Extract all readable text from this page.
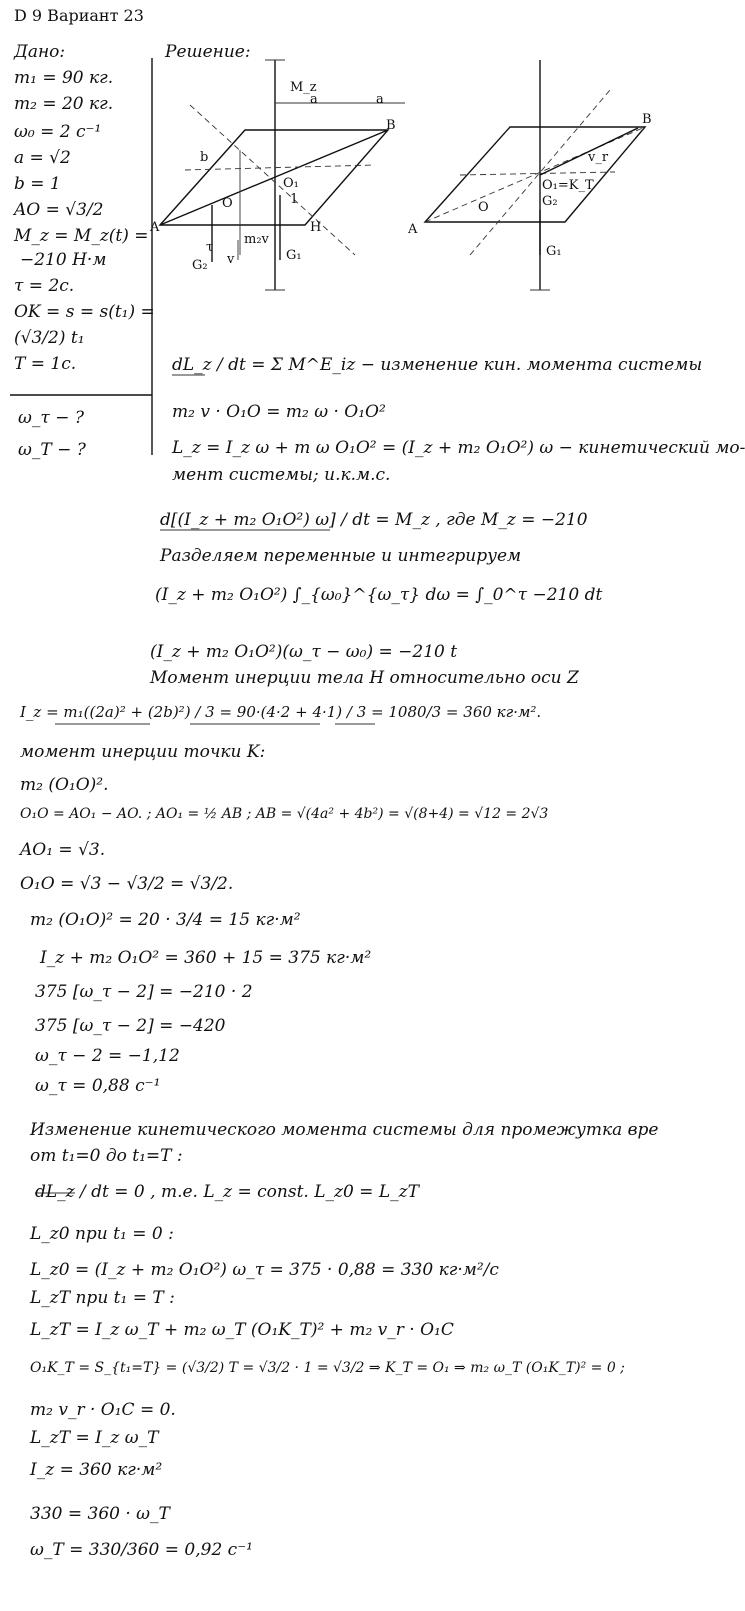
D 9 Вариант 23
Дано:
m₁ = 90 кг.
m₂ = 20 кг.
ω₀ = 2 c⁻¹
a = √2
b = 1
AO = √3/2
M_z = M_z(t) =
−210 Н·м
τ = 2c.
OK = s = s(t₁) =
(√3/2) t₁
T = 1c.
ω_τ − ?
ω_T − ?
Решение:
M_z
a	a
b
B
A	H
O
O₁
G₂
G₁
m₂v
v
τ
1
A
B
O
O₁=K_T
G₂
G₁
v_r
dL_z / dt = Σ M^E_iz − изменение кин. момента системы
m₂ v · O₁O = m₂ ω · O₁O²
L_z = I_z ω + m ω O₁O² = (I_z + m₂ O₁O²) ω − кинетический мо-
мент системы; и.к.м.с.
d[(I_z + m₂ O₁O²) ω] / dt = M_z , где M_z = −210
Разделяем переменные и интегрируем
(I_z + m₂ O₁O²) ∫_{ω₀}^{ω_τ} dω = ∫_0^τ −210 dt
(I_z + m₂ O₁O²)(ω_τ − ω₀) = −210 t
Момент инерции тела H относительно оси Z
I_z = m₁((2a)² + (2b)²) / 3 = 90·(4·2 + 4·1) / 3 = 1080/3 = 360 кг·м².
момент инерции точки K:
m₂ (O₁O)².
O₁O = AO₁ − AO. ; AO₁ = ½ AB ; AB = √(4a² + 4b²) = √(8+4) = √12 = 2√3
AO₁ = √3.
O₁O = √3 − √3/2 = √3/2.
m₂ (O₁O)² = 20 · 3/4 = 15 кг·м²
I_z + m₂ O₁O² = 360 + 15 = 375 кг·м²
375 [ω_τ − 2] = −210 · 2
375 [ω_τ − 2] = −420
ω_τ − 2 = −1,12
ω_τ = 0,88 c⁻¹
Изменение кинетического момента системы для промежутка вре
от t₁=0 до t₁=T :
dL_z / dt = 0 , т.е. L_z = const. L_z0 = L_zT
L_z0 при t₁ = 0 :
L_z0 = (I_z + m₂ O₁O²) ω_τ = 375 · 0,88 = 330 кг·м²/с
L_zT при t₁ = T :
L_zT = I_z ω_T + m₂ ω_T (O₁K_T)² + m₂ v_r · O₁C
O₁K_T = S_{t₁=T} = (√3/2) T = √3/2 · 1 = √3/2 ⇒ K_T = O₁ ⇒ m₂ ω_T (O₁K_T)² = 0 ;
m₂ v_r · O₁C = 0.
L_zT = I_z ω_T
I_z = 360 кг·м²
330 = 360 · ω_T
ω_T = 330/360 = 0,92 c⁻¹
